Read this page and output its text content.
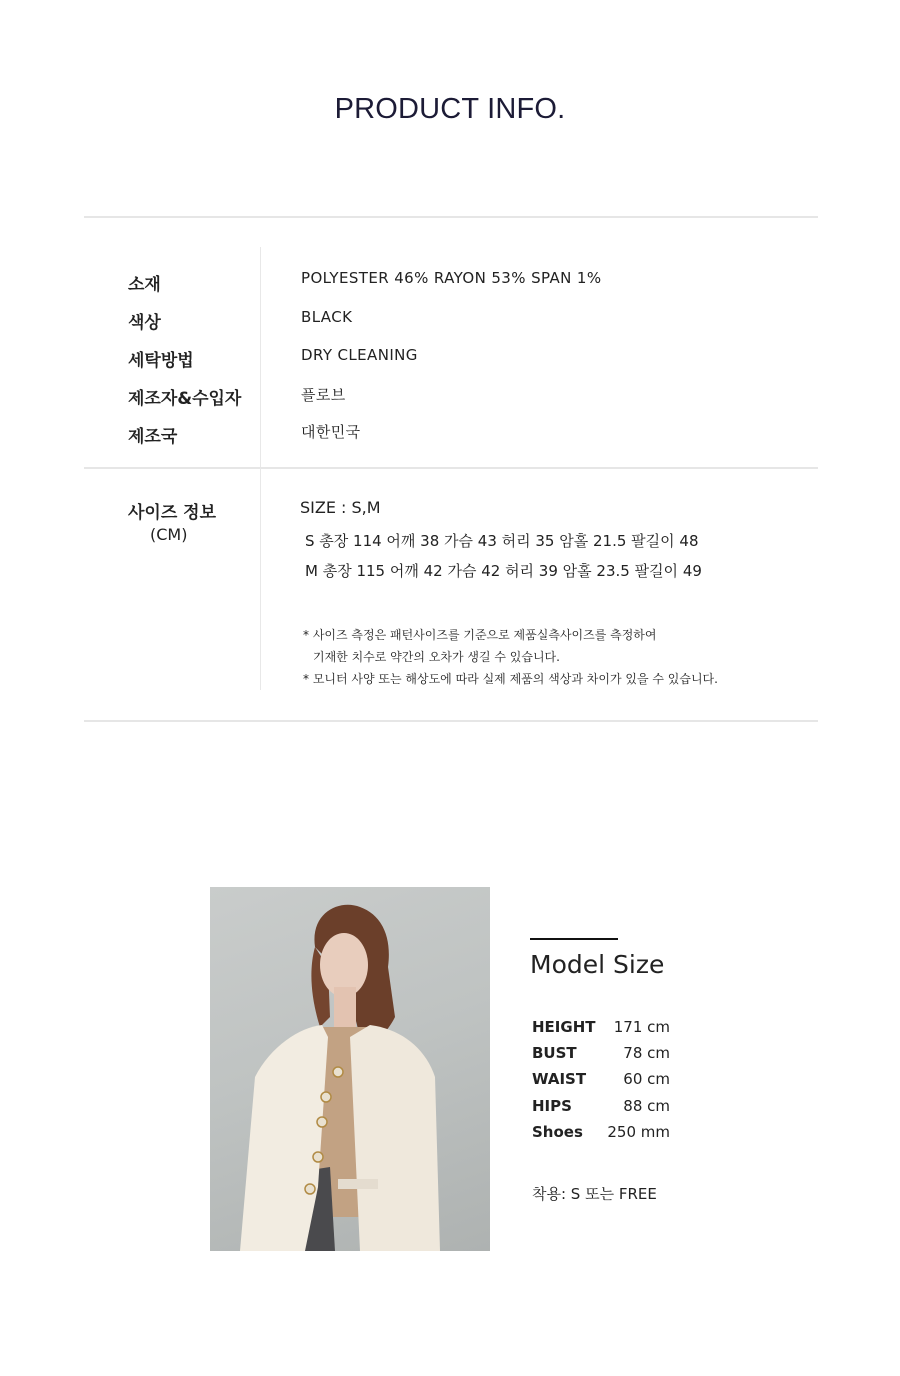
PRODUCT INFO.
소재	POLYESTER 46% RAYON 53% SPAN 1%
색상	BLACK
세탁방법	DRY CLEANING
제조자&수입자	플로브
제조국	대한민국
사이즈 정보
(CM)
SIZE : S,M
S 총장 114 어깨 38 가슴 43 허리 35 암홀 21.5 팔길이 48
M 총장 115 어깨 42 가슴 42 허리 39 암홀 23.5 팔길이 49
* 사이즈 측정은 패턴사이즈를 기준으로 제품실측사이즈를 측정하여
기재한 치수로 약간의 오차가 생길 수 있습니다.
* 모니터 사양 또는 해상도에 따라 실제 제품의 색상과 차이가 있을 수 있습니다.
Model Size
HEIGHT 171 cm
BUST	78 cm
WAIST 60 cm
HIPS	88 cm
Shoes 250 mm
착용: S 또는 FREE
